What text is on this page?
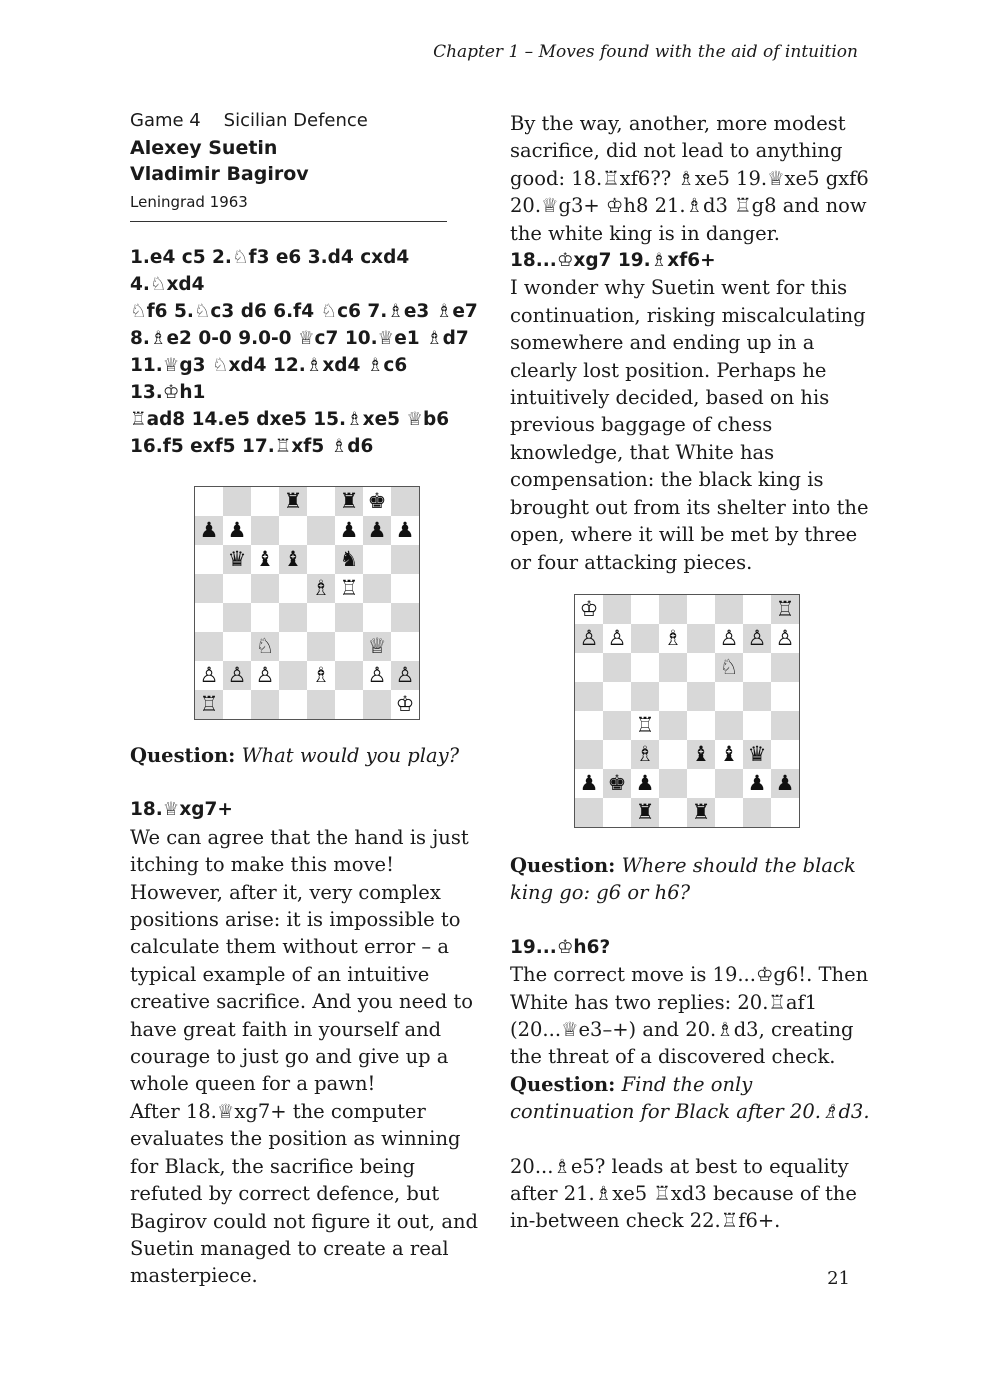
Chapter 1 – Moves found with the aid of intuition

Game 4    Sicilian Defence

Alexey Suetin

Vladimir Bagirov

Leningrad 1963

1.e4 c5 2.♘f3 e6 3.d4 cxd4 4.♘xd4
♘f6 5.♘c3 d6 6.f4 ♘c6 7.♗e3 ♗e7
8.♗e2 0-0 9.0-0 ♕c7 10.♕e1 ♗d7
11.♕g3 ♘xd4 12.♗xd4 ♗c6 13.♔h1
♖ad8 14.e5 dxe5 15.♗xe5 ♕b6
16.f5 exf5 17.♖xf5 ♗d6

♜ ♜ ♚
♟ ♟	♟ ♟ ♟
♛ ♝ ♝ ♞
♗ ♖
♘	♕
♙ ♙ ♙ ♗ ♙ ♙
♖	♔

Question: What would you play?

18.♕xg7+

We can agree that the hand is just itching to make this move! However, after it, very complex positions arise: it is impossible to calculate them without error – a typical example of an intuitive creative sacrifice. And you need to have great faith in yourself and courage to just go and give up a whole queen for a pawn!

After 18.♕xg7+ the computer evaluates the position as winning for Black, the sacrifice being refuted by correct defence, but Bagirov could not figure it out, and Suetin managed to create a real masterpiece.

By the way, another, more modest sacrifice, did not lead to anything good: 18.♖xf6?? ♗xe5 19.♕xe5 gxf6 20.♕g3+ ♔h8 21.♗d3 ♖g8 and now the white king is in danger.

18...♔xg7 19.♗xf6+

I wonder why Suetin went for this continuation, risking miscalculating somewhere and ending up in a clearly lost position. Perhaps he intuitively decided, based on his previous baggage of chess knowledge, that White has compensation: the black king is brought out from its shelter into the open, where it will be met by three or four attacking pieces.

♔	♖
♙ ♙ ♗ ♙ ♙ ♙
♘
♖
♗ ♝ ♝ ♛
♟ ♚ ♟	♟ ♟
♜ ♜

Question: Where should the black king go: g6 or h6?

19...♔h6?

The correct move is 19...♔g6!. Then White has two replies: 20.♖af1 (20...♕e3–+) and 20.♗d3, creating the threat of a discovered check.

Question: Find the only continuation for Black after 20.♗d3.

20...♗e5? leads at best to equality after 21.♗xe5 ♖xd3 because of the in-between check 22.♖f6+.

21
